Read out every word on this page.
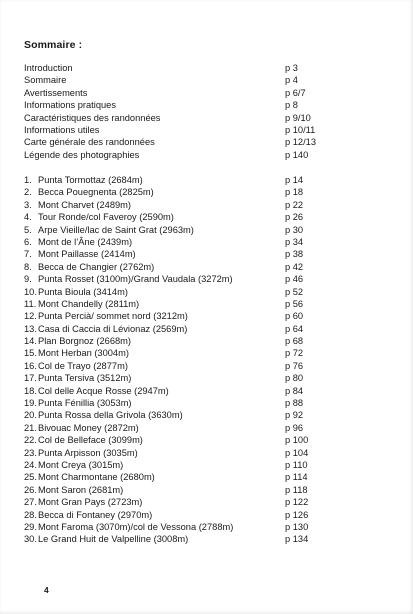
Sommaire :
Introduction	p 3
Sommaire	p 4
Avertissements	p 6/7
Informations pratiques	p 8
Caractéristiques des randonnées	p 9/10
Informations utiles	p 10/11
Carte générale des randonnées	p 12/13
Légende des photographies	p 140
1. Punta Tormottaz (2684m)	p 14
2. Becca Pouegnenta (2825m)	p 18
3. Mont Charvet (2489m)	p 22
4. Tour Ronde/col Faveroy (2590m)	p 26
5. Arpe Vieille/lac de Saint Grat (2963m)	p 30
6. Mont de l’Âne (2439m)	p 34
7. Mont Paillasse (2414m)	p 38
8. Becca de Changier (2762m)	p 42
9. Punta Rosset (3100m)/Grand Vaudala (3272m)	p 46
10.Punta Bioula (3414m)	p 52
11. Mont Chandelly (2811m)	p 56
12.Punta Percià/ sommet nord (3212m)	p 60
13.Casa di Caccia di Lévionaz (2569m)	p 64
14.Plan Borgnoz (2668m)	p 68
15.Mont Herban (3004m)	p 72
16.Col de Trayo (2877m)	p 76
17.Punta Tersiva (3512m)	p 80
18.Col delle Acque Rosse (2947m)	p 84
19.Punta Fénillia (3053m)	p 88
20.Punta Rossa della Grivola (3630m)	p 92
21.Bivouac Money (2872m)	p 96
22.Col de Belleface (3099m)	p 100
23.Punta Arpisson (3035m)	p 104
24.Mont Creya (3015m)	p 110
25.Mont Charmontane (2680m)	p 114
26.Mont Saron (2681m)	p 118
27.Mont Gran Pays (2723m)	p 122
28.Becca di Fontaney (2970m)	p 126
29.Mont Faroma (3070m)/col de Vessona (2788m)	p 130
30.Le Grand Huit de Valpelline (3008m)	p 134
4
